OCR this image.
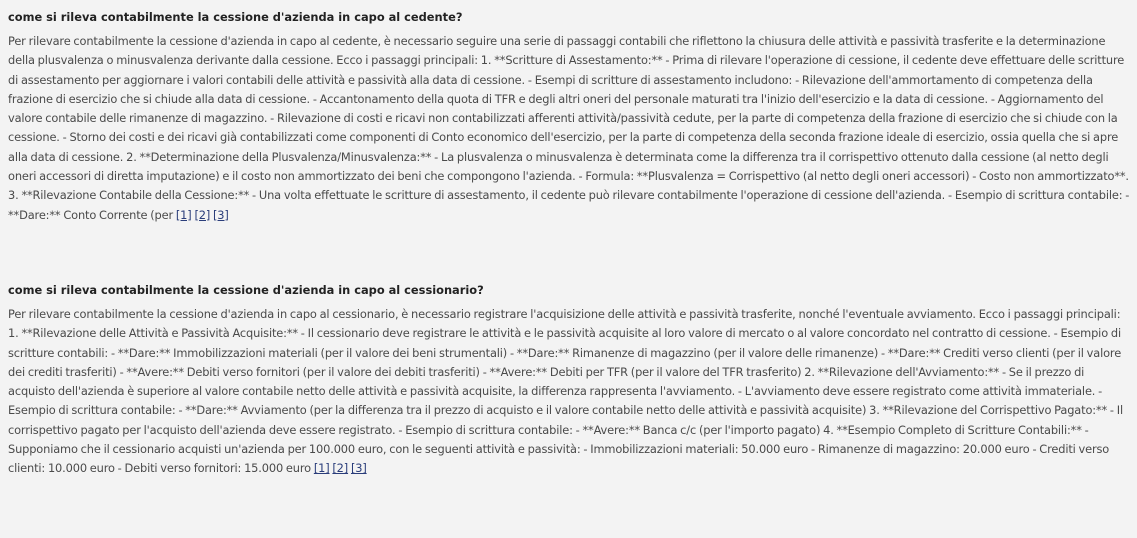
come si rileva contabilmente la cessione d'azienda in capo al cedente?

Per rilevare contabilmente la cessione d'azienda in capo al cedente, è necessario seguire una serie di passaggi contabili che riflettono la chiusura delle attività e passività trasferite e la determinazione della plusvalenza o minusvalenza derivante dalla cessione. Ecco i passaggi principali: 1. **Scritture di Assestamento:** - Prima di rilevare l'operazione di cessione, il cedente deve effettuare delle scritture di assestamento per aggiornare i valori contabili delle attività e passività alla data di cessione. - Esempi di scritture di assestamento includono: - Rilevazione dell'ammortamento di competenza della frazione di esercizio che si chiude alla data di cessione. - Accantonamento della quota di TFR e degli altri oneri del personale maturati tra l'inizio dell'esercizio e la data di cessione. - Aggiornamento del valore contabile delle rimanenze di magazzino. - Rilevazione di costi e ricavi non contabilizzati afferenti attività/passività cedute, per la parte di competenza della frazione di esercizio che si chiude con la cessione. - Storno dei costi e dei ricavi già contabilizzati come componenti di Conto economico dell'esercizio, per la parte di competenza della seconda frazione ideale di esercizio, ossia quella che si apre alla data di cessione. 2. **Determinazione della Plusvalenza/Minusvalenza:** - La plusvalenza o minusvalenza è determinata come la differenza tra il corrispettivo ottenuto dalla cessione (al netto degli oneri accessori di diretta imputazione) e il costo non ammortizzato dei beni che compongono l'azienda. - Formula: **Plusvalenza = Corrispettivo (al netto degli oneri accessori) - Costo non ammortizzato**. 3. **Rilevazione Contabile della Cessione:** - Una volta effettuate le scritture di assestamento, il cedente può rilevare contabilmente l'operazione di cessione dell'azienda. - Esempio di scrittura contabile: - **Dare:** Conto Corrente (per [1] [2] [3]

come si rileva contabilmente la cessione d'azienda in capo al cessionario?

Per rilevare contabilmente la cessione d'azienda in capo al cessionario, è necessario registrare l'acquisizione delle attività e passività trasferite, nonché l'eventuale avviamento. Ecco i passaggi principali: 1. **Rilevazione delle Attività e Passività Acquisite:** - Il cessionario deve registrare le attività e le passività acquisite al loro valore di mercato o al valore concordato nel contratto di cessione. - Esempio di scritture contabili: - **Dare:** Immobilizzazioni materiali (per il valore dei beni strumentali) - **Dare:** Rimanenze di magazzino (per il valore delle rimanenze) - **Dare:** Crediti verso clienti (per il valore dei crediti trasferiti) - **Avere:** Debiti verso fornitori (per il valore dei debiti trasferiti) - **Avere:** Debiti per TFR (per il valore del TFR trasferito) 2. **Rilevazione dell'Avviamento:** - Se il prezzo di acquisto dell'azienda è superiore al valore contabile netto delle attività e passività acquisite, la differenza rappresenta l'avviamento. - L'avviamento deve essere registrato come attività immateriale. - Esempio di scrittura contabile: - **Dare:** Avviamento (per la differenza tra il prezzo di acquisto e il valore contabile netto delle attività e passività acquisite) 3. **Rilevazione del Corrispettivo Pagato:** - Il corrispettivo pagato per l'acquisto dell'azienda deve essere registrato. - Esempio di scrittura contabile: - **Avere:** Banca c/c (per l'importo pagato) 4. **Esempio Completo di Scritture Contabili:** - Supponiamo che il cessionario acquisti un'azienda per 100.000 euro, con le seguenti attività e passività: - Immobilizzazioni materiali: 50.000 euro - Rimanenze di magazzino: 20.000 euro - Crediti verso clienti: 10.000 euro - Debiti verso fornitori: 15.000 euro [1] [2] [3]
